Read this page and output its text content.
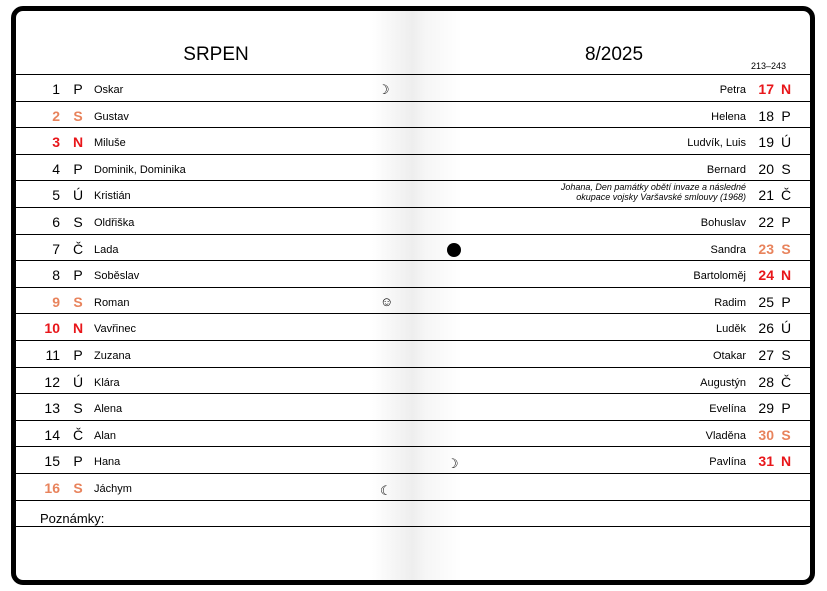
SRPEN	8/2025
213–243
1 P	Oskar
2 S	Gustav
3 N Miluše
4 P	Dominik, Dominika
5 Ú Kristián
6 S	Oldřiška
7 Č Lada
8 P	Soběslav
9 S	Roman
10 N Vavřinec
11 P	Zuzana
12 Ú Klára
13 S	Alena
14 Č Alan
15 P	Hana
16 S	Jáchym
Petra 17 N
Helena 18 P
Ludvík, Luis 19 Ú
Bernard 20 S
Johana, Den památky obětí invaze a následné
okupace vojsky Varšavské smlouvy (1968) 21 Č
Bohuslav 22 P
Sandra 23 S
Bartoloměj 24 N
Radim 25 P
Luděk 26 Ú
Otakar 27 S
Augustýn 28 Č
Evelína 29 P
Vladěna 30 S
Pavlína 31 N
☽
☺
☽
☾
Poznámky:
